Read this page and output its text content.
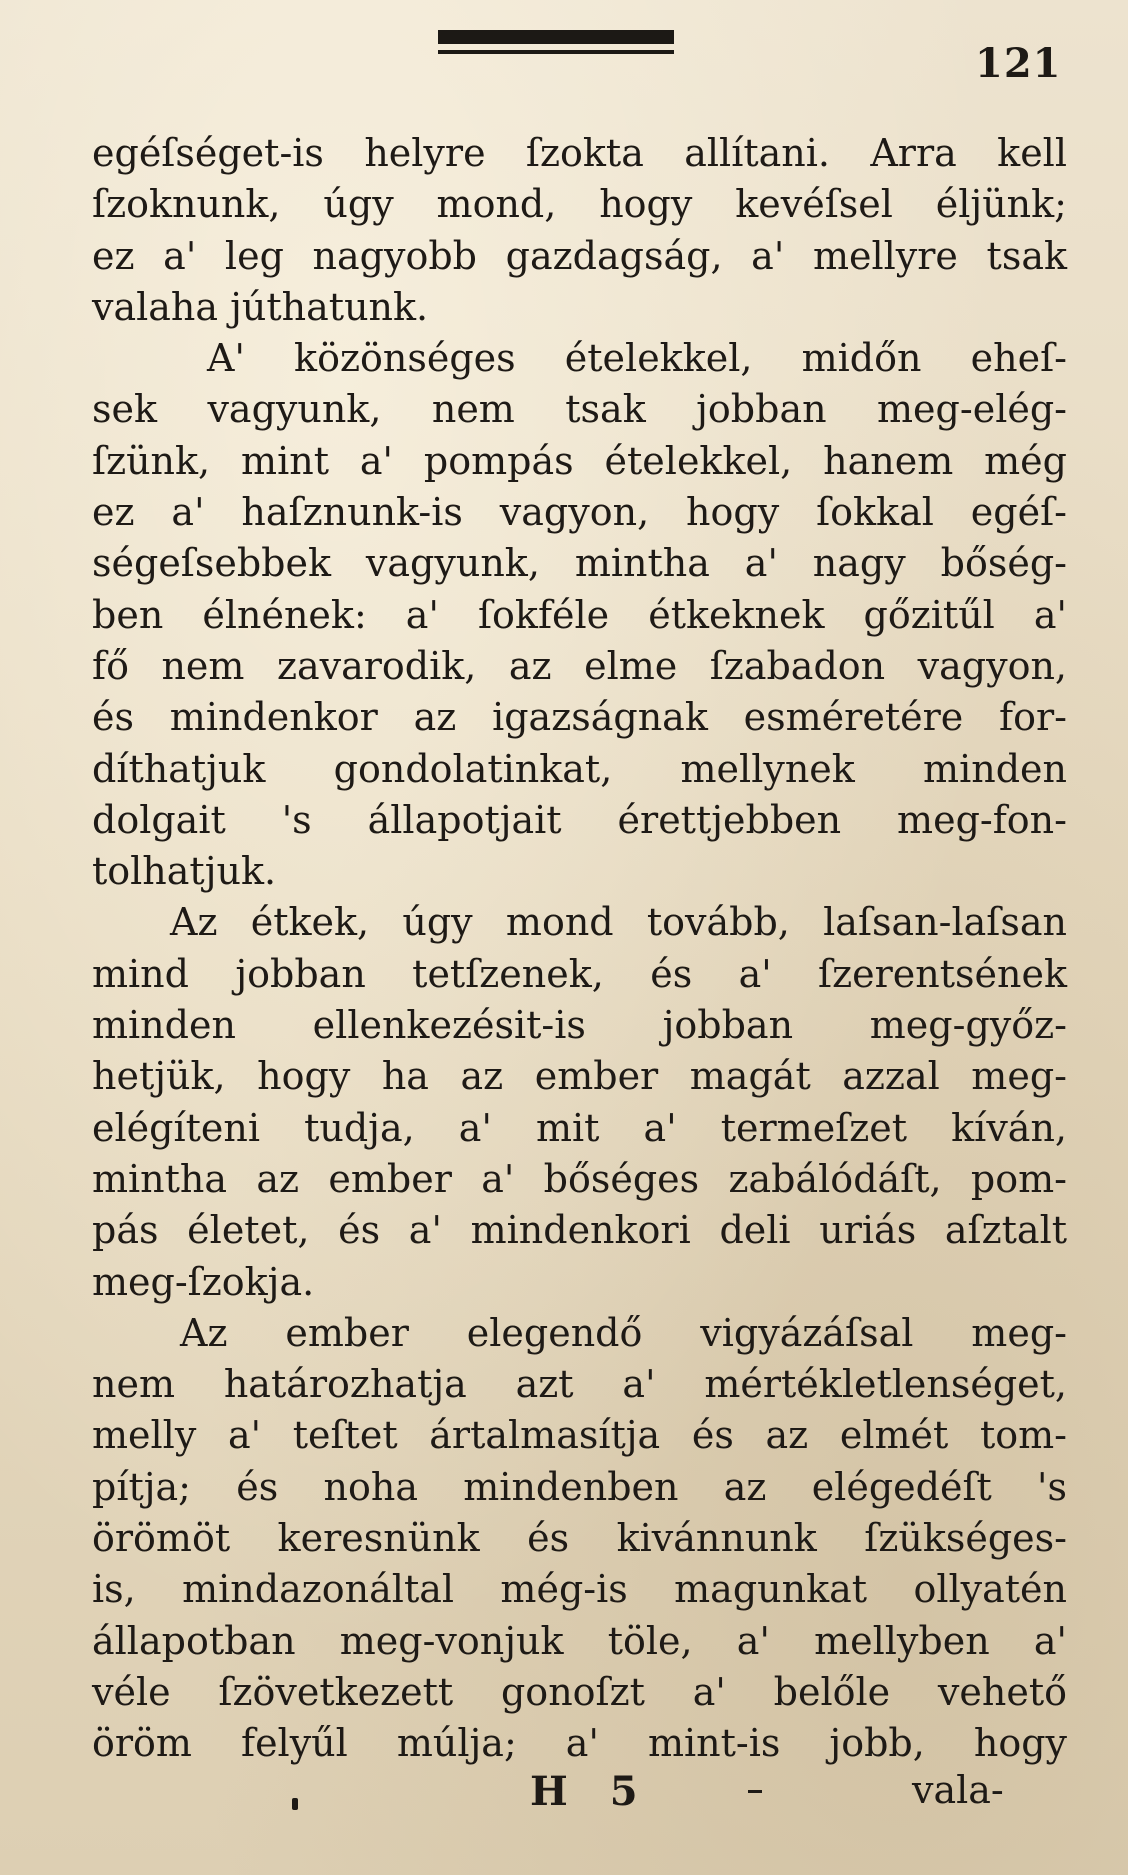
121
egéſséget-is helyre ſzokta allítani. Arra kell
ſzoknunk, úgy mond, hogy kevéſsel éljünk;
ez a' leg nagyobb gazdagság, a' mellyre tsak
valaha júthatunk.
A' közönséges ételekkel, midőn eheſ-
sek vagyunk, nem tsak jobban meg-elég-
ſzünk, mint a' pompás ételekkel, hanem még
ez a' haſznunk-is vagyon, hogy ſokkal egéſ-
ségeſsebbek vagyunk, mintha a' nagy bőség-
ben élnének: a' ſokféle étkeknek gőzitűl a'
fő nem zavarodik, az elme ſzabadon vagyon,
és mindenkor az igazságnak esméretére for-
díthatjuk gondolatinkat, mellynek minden
dolgait 's állapotjait érettjebben meg-fon-
tolhatjuk.
Az étkek, úgy mond tovább, laſsan-laſsan
mind jobban tetſzenek, és a' ſzerentsének
minden ellenkezésit-is jobban meg-győz-
hetjük, hogy ha az ember magát azzal meg-
elégíteni tudja, a' mit a' termeſzet kíván,
mintha az ember a' bőséges zabálódáſt, pom-
pás életet, és a' mindenkori deli uriás aſztalt
meg-ſzokja.
Az ember elegendő vigyázáſsal meg-
nem határozhatja azt a' mértékletlenséget,
melly a' teſtet ártalmasítja és az elmét tom-
pítja; és noha mindenben az elégedéſt 's
örömöt keresnünk és kivánnunk ſzükséges-
is, mindazonáltal még-is magunkat ollyatén
állapotban meg-vonjuk töle, a' mellyben a'
véle ſzövetkezett gonoſzt a' belőle vehető
öröm felyűl múlja; a' mint-is jobb, hogy
H 5	vala-
